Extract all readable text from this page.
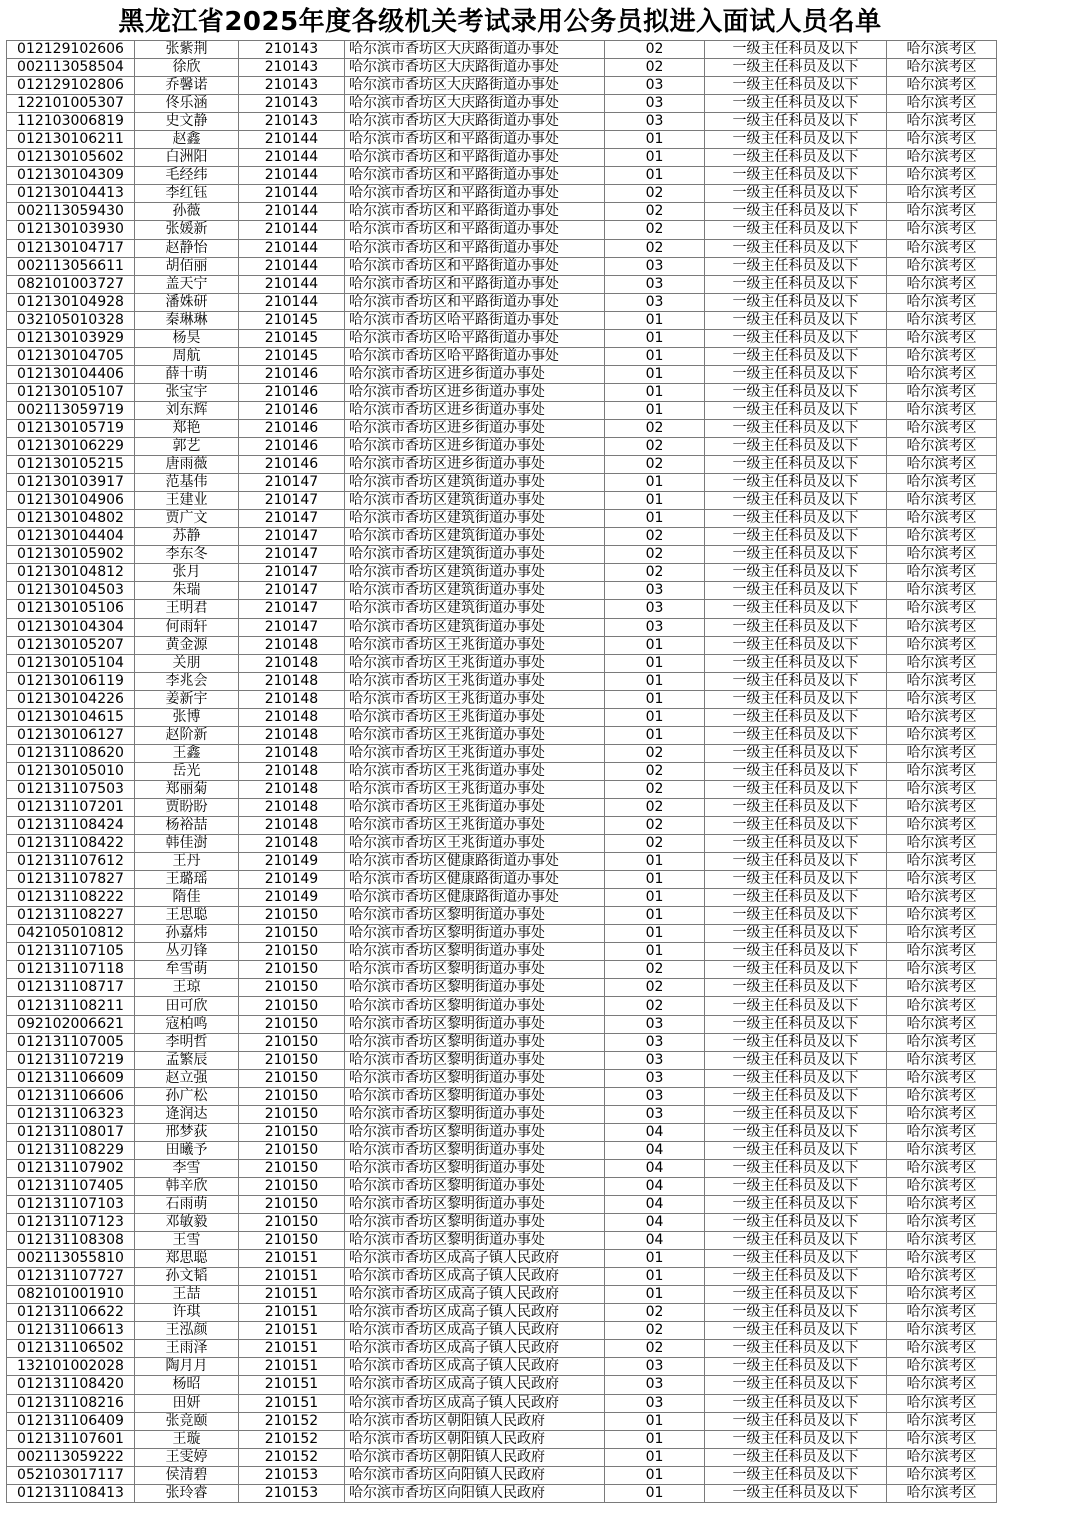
黑龙江省2025年度各级机关考试录用公务员拟进入面试人员名单
012129102606	张紫荆	210143	哈尔滨市香坊区大庆路街道办事处	02	一级主任科员及以下	哈尔滨考区
002113058504	徐欣	210143	哈尔滨市香坊区大庆路街道办事处	02	一级主任科员及以下	哈尔滨考区
012129102806	乔馨诺	210143	哈尔滨市香坊区大庆路街道办事处	03	一级主任科员及以下	哈尔滨考区
122101005307	佟乐涵	210143	哈尔滨市香坊区大庆路街道办事处	03	一级主任科员及以下	哈尔滨考区
112103006819	史文静	210143	哈尔滨市香坊区大庆路街道办事处	03	一级主任科员及以下	哈尔滨考区
012130106211	赵鑫	210144	哈尔滨市香坊区和平路街道办事处	01	一级主任科员及以下	哈尔滨考区
012130105602	白洲阳	210144	哈尔滨市香坊区和平路街道办事处	01	一级主任科员及以下	哈尔滨考区
012130104309	毛经纬	210144	哈尔滨市香坊区和平路街道办事处	01	一级主任科员及以下	哈尔滨考区
012130104413	李红钰	210144	哈尔滨市香坊区和平路街道办事处	02	一级主任科员及以下	哈尔滨考区
002113059430	孙薇	210144	哈尔滨市香坊区和平路街道办事处	02	一级主任科员及以下	哈尔滨考区
012130103930	张媛新	210144	哈尔滨市香坊区和平路街道办事处	02	一级主任科员及以下	哈尔滨考区
012130104717	赵静怡	210144	哈尔滨市香坊区和平路街道办事处	02	一级主任科员及以下	哈尔滨考区
002113056611	胡佰丽	210144	哈尔滨市香坊区和平路街道办事处	03	一级主任科员及以下	哈尔滨考区
082101003727	盖天宁	210144	哈尔滨市香坊区和平路街道办事处	03	一级主任科员及以下	哈尔滨考区
012130104928	潘姝研	210144	哈尔滨市香坊区和平路街道办事处	03	一级主任科员及以下	哈尔滨考区
032105010328	秦琳琳	210145	哈尔滨市香坊区哈平路街道办事处	01	一级主任科员及以下	哈尔滨考区
012130103929	杨昊	210145	哈尔滨市香坊区哈平路街道办事处	01	一级主任科员及以下	哈尔滨考区
012130104705	周航	210145	哈尔滨市香坊区哈平路街道办事处	01	一级主任科员及以下	哈尔滨考区
012130104406	薛十萌	210146	哈尔滨市香坊区进乡街道办事处	01	一级主任科员及以下	哈尔滨考区
012130105107	张宝宇	210146	哈尔滨市香坊区进乡街道办事处	01	一级主任科员及以下	哈尔滨考区
002113059719	刘东辉	210146	哈尔滨市香坊区进乡街道办事处	01	一级主任科员及以下	哈尔滨考区
012130105719	郑艳	210146	哈尔滨市香坊区进乡街道办事处	02	一级主任科员及以下	哈尔滨考区
012130106229	郭艺	210146	哈尔滨市香坊区进乡街道办事处	02	一级主任科员及以下	哈尔滨考区
012130105215	唐雨薇	210146	哈尔滨市香坊区进乡街道办事处	02	一级主任科员及以下	哈尔滨考区
012130103917	范基伟	210147	哈尔滨市香坊区建筑街道办事处	01	一级主任科员及以下	哈尔滨考区
012130104906	王建业	210147	哈尔滨市香坊区建筑街道办事处	01	一级主任科员及以下	哈尔滨考区
012130104802	贾广文	210147	哈尔滨市香坊区建筑街道办事处	01	一级主任科员及以下	哈尔滨考区
012130104404	苏静	210147	哈尔滨市香坊区建筑街道办事处	02	一级主任科员及以下	哈尔滨考区
012130105902	李东冬	210147	哈尔滨市香坊区建筑街道办事处	02	一级主任科员及以下	哈尔滨考区
012130104812	张月	210147	哈尔滨市香坊区建筑街道办事处	02	一级主任科员及以下	哈尔滨考区
012130104503	朱瑞	210147	哈尔滨市香坊区建筑街道办事处	03	一级主任科员及以下	哈尔滨考区
012130105106	王明君	210147	哈尔滨市香坊区建筑街道办事处	03	一级主任科员及以下	哈尔滨考区
012130104304	何雨轩	210147	哈尔滨市香坊区建筑街道办事处	03	一级主任科员及以下	哈尔滨考区
012130105207	黄金源	210148	哈尔滨市香坊区王兆街道办事处	01	一级主任科员及以下	哈尔滨考区
012130105104	关朋	210148	哈尔滨市香坊区王兆街道办事处	01	一级主任科员及以下	哈尔滨考区
012130106119	李兆会	210148	哈尔滨市香坊区王兆街道办事处	01	一级主任科员及以下	哈尔滨考区
012130104226	姜新宇	210148	哈尔滨市香坊区王兆街道办事处	01	一级主任科员及以下	哈尔滨考区
012130104615	张博	210148	哈尔滨市香坊区王兆街道办事处	01	一级主任科员及以下	哈尔滨考区
012130106127	赵阶新	210148	哈尔滨市香坊区王兆街道办事处	01	一级主任科员及以下	哈尔滨考区
012131108620	王鑫	210148	哈尔滨市香坊区王兆街道办事处	02	一级主任科员及以下	哈尔滨考区
012130105010	岳光	210148	哈尔滨市香坊区王兆街道办事处	02	一级主任科员及以下	哈尔滨考区
012131107503	郑丽菊	210148	哈尔滨市香坊区王兆街道办事处	02	一级主任科员及以下	哈尔滨考区
012131107201	贾盼盼	210148	哈尔滨市香坊区王兆街道办事处	02	一级主任科员及以下	哈尔滨考区
012131108424	杨裕喆	210148	哈尔滨市香坊区王兆街道办事处	02	一级主任科员及以下	哈尔滨考区
012131108422	韩佳澍	210148	哈尔滨市香坊区王兆街道办事处	02	一级主任科员及以下	哈尔滨考区
012131107612	王丹	210149	哈尔滨市香坊区健康路街道办事处	01	一级主任科员及以下	哈尔滨考区
012131107827	王璐瑶	210149	哈尔滨市香坊区健康路街道办事处	01	一级主任科员及以下	哈尔滨考区
012131108222	隋佳	210149	哈尔滨市香坊区健康路街道办事处	01	一级主任科员及以下	哈尔滨考区
012131108227	王思聪	210150	哈尔滨市香坊区黎明街道办事处	01	一级主任科员及以下	哈尔滨考区
042105010812	孙嘉炜	210150	哈尔滨市香坊区黎明街道办事处	01	一级主任科员及以下	哈尔滨考区
012131107105	丛刃锋	210150	哈尔滨市香坊区黎明街道办事处	01	一级主任科员及以下	哈尔滨考区
012131107118	牟雪萌	210150	哈尔滨市香坊区黎明街道办事处	02	一级主任科员及以下	哈尔滨考区
012131108717	王琼	210150	哈尔滨市香坊区黎明街道办事处	02	一级主任科员及以下	哈尔滨考区
012131108211	田可欣	210150	哈尔滨市香坊区黎明街道办事处	02	一级主任科员及以下	哈尔滨考区
092102006621	寇柏鸣	210150	哈尔滨市香坊区黎明街道办事处	03	一级主任科员及以下	哈尔滨考区
012131107005	李明哲	210150	哈尔滨市香坊区黎明街道办事处	03	一级主任科员及以下	哈尔滨考区
012131107219	孟繁辰	210150	哈尔滨市香坊区黎明街道办事处	03	一级主任科员及以下	哈尔滨考区
012131106609	赵立强	210150	哈尔滨市香坊区黎明街道办事处	03	一级主任科员及以下	哈尔滨考区
012131106606	孙广松	210150	哈尔滨市香坊区黎明街道办事处	03	一级主任科员及以下	哈尔滨考区
012131106323	逄润达	210150	哈尔滨市香坊区黎明街道办事处	03	一级主任科员及以下	哈尔滨考区
012131108017	邢梦荻	210150	哈尔滨市香坊区黎明街道办事处	04	一级主任科员及以下	哈尔滨考区
012131108229	田曦予	210150	哈尔滨市香坊区黎明街道办事处	04	一级主任科员及以下	哈尔滨考区
012131107902	李雪	210150	哈尔滨市香坊区黎明街道办事处	04	一级主任科员及以下	哈尔滨考区
012131107405	韩辛欣	210150	哈尔滨市香坊区黎明街道办事处	04	一级主任科员及以下	哈尔滨考区
012131107103	石雨萌	210150	哈尔滨市香坊区黎明街道办事处	04	一级主任科员及以下	哈尔滨考区
012131107123	邓敏毅	210150	哈尔滨市香坊区黎明街道办事处	04	一级主任科员及以下	哈尔滨考区
012131108308	王雪	210150	哈尔滨市香坊区黎明街道办事处	04	一级主任科员及以下	哈尔滨考区
002113055810	郑思聪	210151	哈尔滨市香坊区成高子镇人民政府	01	一级主任科员及以下	哈尔滨考区
012131107727	孙文韬	210151	哈尔滨市香坊区成高子镇人民政府	01	一级主任科员及以下	哈尔滨考区
082101001910	王喆	210151	哈尔滨市香坊区成高子镇人民政府	01	一级主任科员及以下	哈尔滨考区
012131106622	许琪	210151	哈尔滨市香坊区成高子镇人民政府	02	一级主任科员及以下	哈尔滨考区
012131106613	王泓颜	210151	哈尔滨市香坊区成高子镇人民政府	02	一级主任科员及以下	哈尔滨考区
012131106502	王雨泽	210151	哈尔滨市香坊区成高子镇人民政府	02	一级主任科员及以下	哈尔滨考区
132101002028	陶月月	210151	哈尔滨市香坊区成高子镇人民政府	03	一级主任科员及以下	哈尔滨考区
012131108420	杨昭	210151	哈尔滨市香坊区成高子镇人民政府	03	一级主任科员及以下	哈尔滨考区
012131108216	田妍	210151	哈尔滨市香坊区成高子镇人民政府	03	一级主任科员及以下	哈尔滨考区
012131106409	张竞颐	210152	哈尔滨市香坊区朝阳镇人民政府	01	一级主任科员及以下	哈尔滨考区
012131107601	王璇	210152	哈尔滨市香坊区朝阳镇人民政府	01	一级主任科员及以下	哈尔滨考区
002113059222	王雯婷	210152	哈尔滨市香坊区朝阳镇人民政府	01	一级主任科员及以下	哈尔滨考区
052103017117	侯清碧	210153	哈尔滨市香坊区向阳镇人民政府	01	一级主任科员及以下	哈尔滨考区
012131108413	张玲睿	210153	哈尔滨市香坊区向阳镇人民政府	01	一级主任科员及以下	哈尔滨考区
